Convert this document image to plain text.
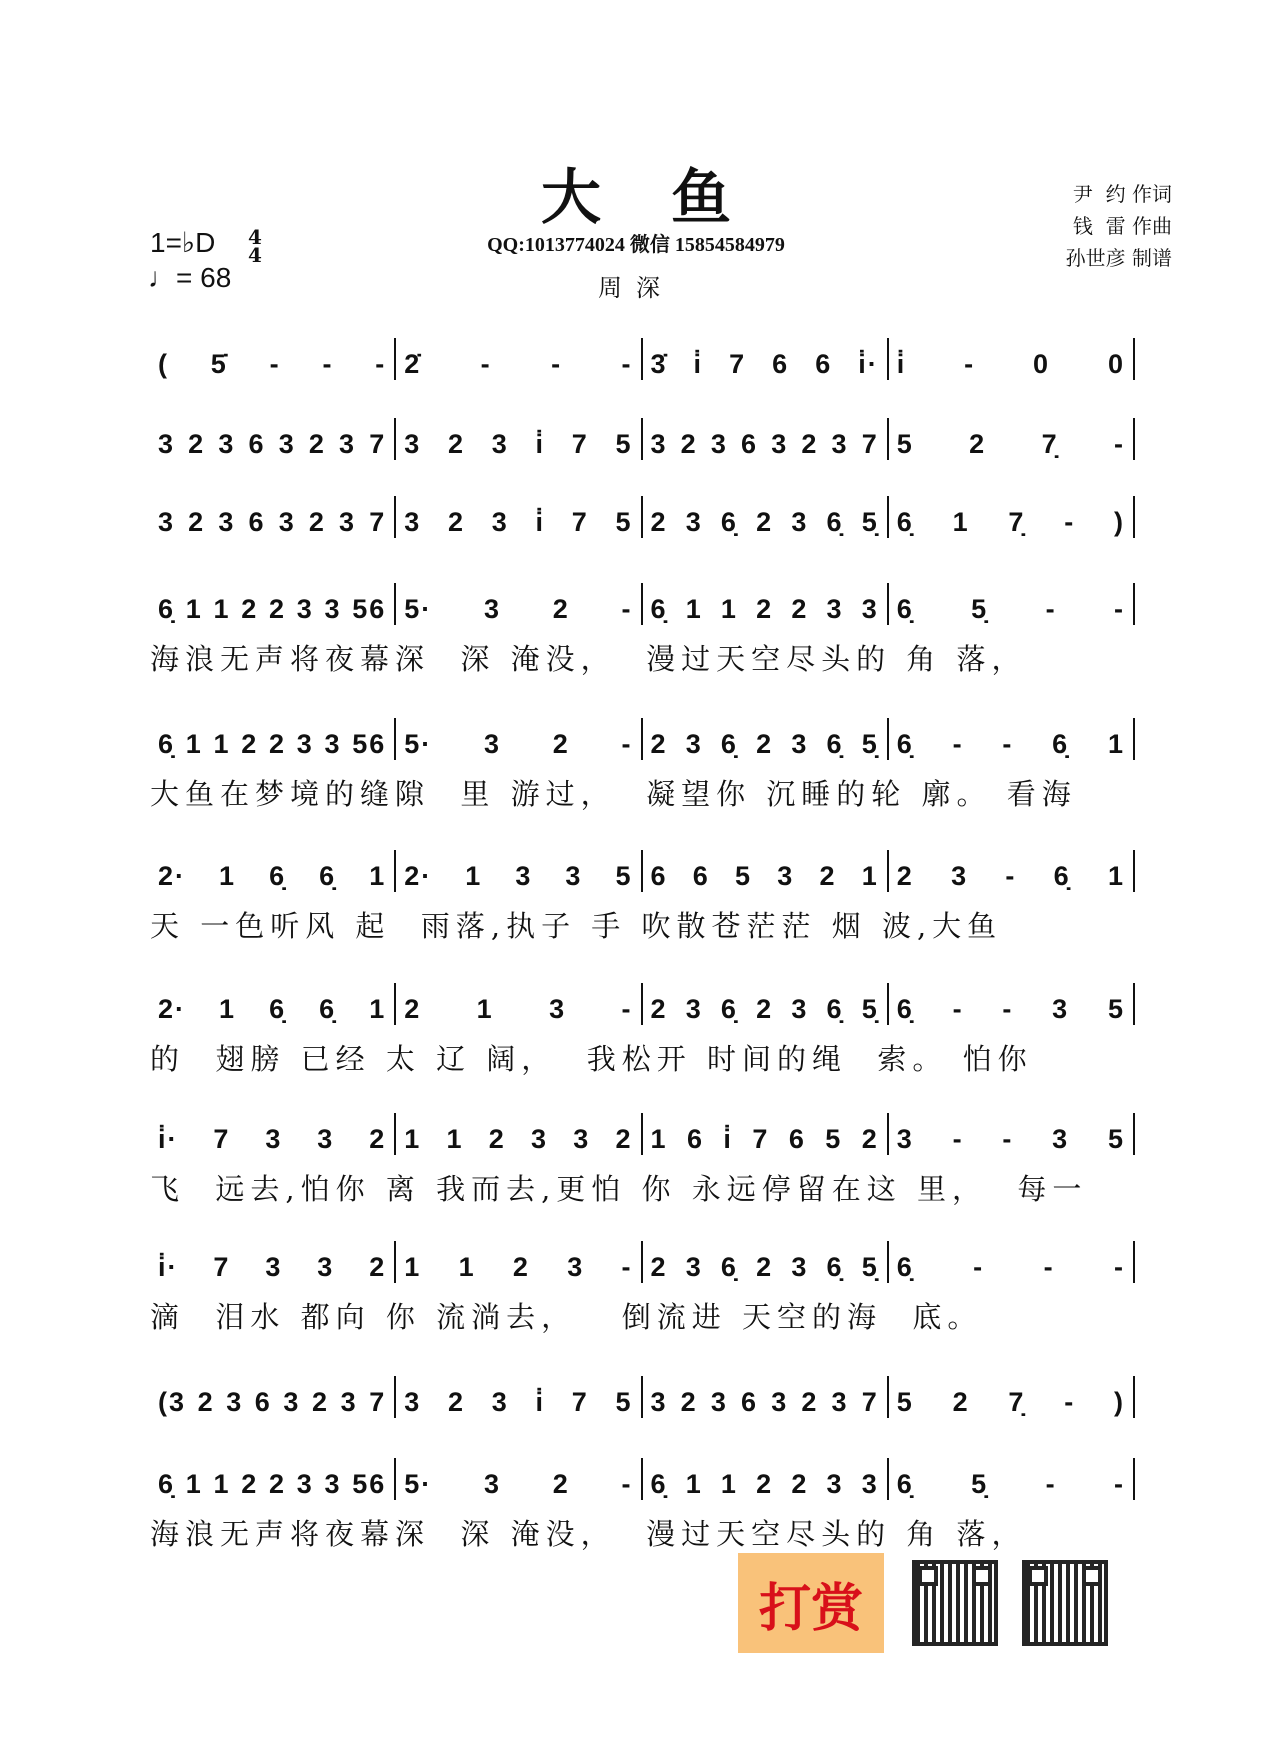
大鱼
QQ:1013774024 微信 15854584979
周深
尹  约 作词
钱  雷 作曲
孙世彦 制谱
1=♭D 4
4
♩= 68
( 5̇ - - - 2̇ - - - 3̇ i̇ 7 6 6 i̇· i̇ - 0 0
3 2 3 6 3 2 3 7 3 2 3 i̇ 7 5 3 2 3 6 3 2 3 7 5 2 7̣ -
3 2 3 6 3 2 3 7 3 2 3 i̇ 7 5 2 3 6̣ 2 3 6̣ 5̣ 6̣ 1 7̣ - )
6̣ 1 1 2 2 3 3 56 5· 3 2 - 6̣ 1 1 2 2 3 3 6̣ 5̣ - -
海浪无声将夜幕深  深 淹没，  漫过天空尽头的 角 落，
6̣ 1 1 2 2 3 3 56 5· 3 2 - 2 3 6̣ 2 3 6̣ 5̣ 6̣ - - 6̣ 1
大鱼在梦境的缝隙  里 游过，  凝望你 沉睡的轮 廓。 看海
2· 1 6̣ 6̣ 1 2· 1 3 3 5 6 6 5 3 2 1 2 3 - 6̣ 1
天 一色听风 起  雨落,执子 手 吹散苍茫茫 烟 波,大鱼
2· 1 6̣ 6̣ 1 2 1 3 - 2 3 6̣ 2 3 6̣ 5̣ 6̣ - - 3 5
的  翅膀 已经 太 辽 阔，  我松开 时间的绳  索。 怕你
i̇· 7 3 3 2 1 1 2 3 3 2 1 6 i̇ 7 6 5 2 3 - - 3 5
飞  远去,怕你 离 我而去,更怕 你 永远停留在这 里，  每一
i̇· 7 3 3 2 1 1 2 3 - 2 3 6̣ 2 3 6̣ 5̣ 6̣ - - -
滴  泪水 都向 你 流淌去，   倒流进 天空的海  底。
(3 2 3 6 3 2 3 7 3 2 3 i̇ 7 5 3 2 3 6 3 2 3 7 5 2 7̣ - )
6̣ 1 1 2 2 3 3 56 5· 3 2 - 6̣ 1 1 2 2 3 3 6̣ 5̣ - -
海浪无声将夜幕深  深 淹没，  漫过天空尽头的 角 落，
打赏
